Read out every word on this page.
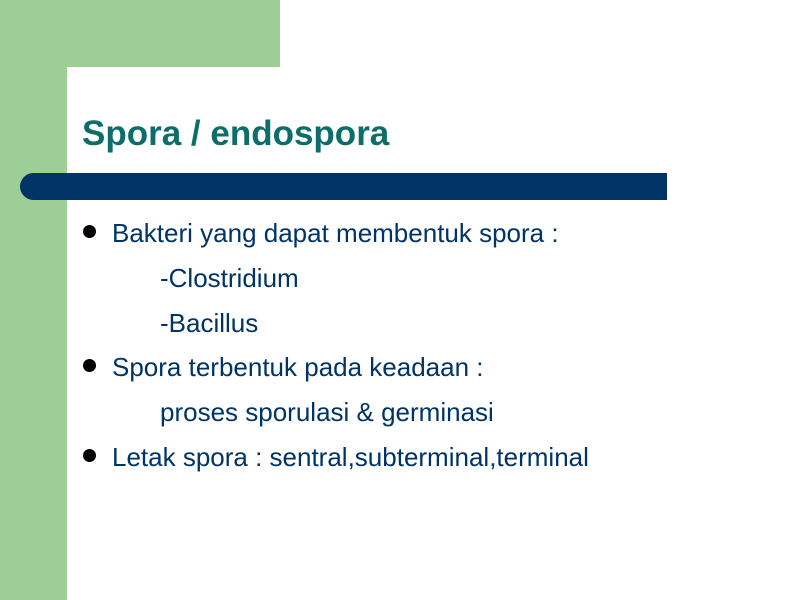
Spora / endospora
Bakteri yang dapat membentuk spora :
-Clostridium
-Bacillus
Spora terbentuk pada keadaan :
proses sporulasi & germinasi
Letak spora : sentral,subterminal,terminal
